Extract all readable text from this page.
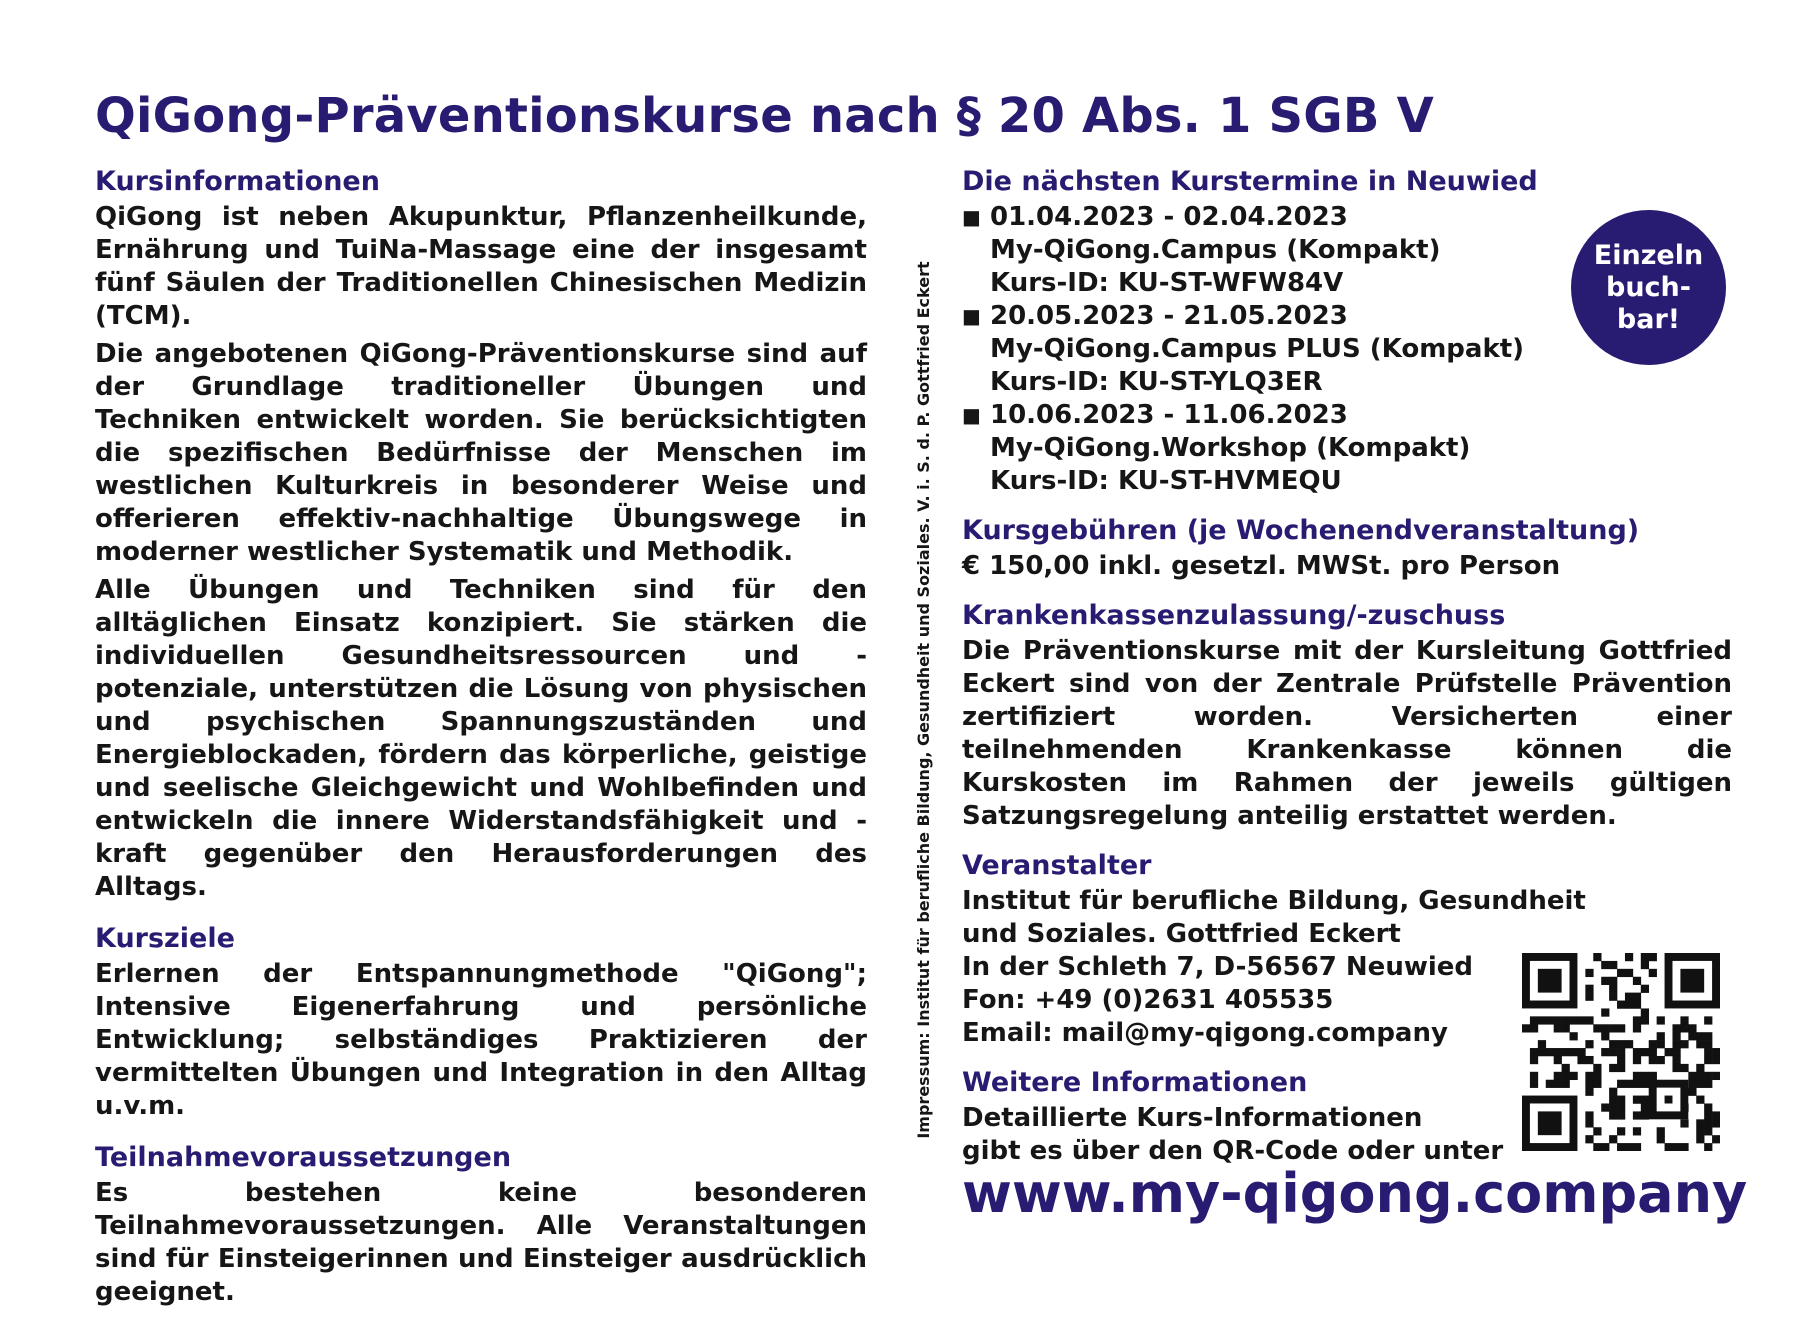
QiGong-Präventionskurse nach § 20 Abs. 1 SGB V
Kursinformationen

QiGong ist neben Akupunktur, Pflanzenheilkunde, Ernährung und TuiNa-Massage eine der insgesamt fünf Säulen der Traditionellen Chinesischen Medizin (TCM).

Die angebotenen QiGong-Präventionskurse sind auf der Grundlage traditioneller Übungen und Techniken entwickelt worden. Sie berücksichtigten die spezifischen Bedürfnisse der Menschen im westlichen Kulturkreis in besonderer Weise und offerieren effektiv-nachhaltige Übungswege in moderner westlicher Systematik und Methodik.

Alle Übungen und Techniken sind für den alltäglichen Einsatz konzipiert. Sie stärken die individuellen Gesundheitsressourcen und -potenziale, unterstützen die Lösung von physischen und psychischen Spannungszuständen und Energieblockaden, fördern das körperliche, geistige und seelische Gleichgewicht und Wohlbefinden und entwickeln die innere Widerstandsfähigkeit und -kraft gegenüber den Herausforderungen des Alltags.

Kursziele

Erlernen der Entspannungmethode "QiGong"; Intensive Eigenerfahrung und persönliche Entwicklung; selbständiges Praktizieren der vermittelten Übungen und Integration in den Alltag u.v.m.

Teilnahmevoraussetzungen

Es bestehen keine besonderen Teilnahmevoraussetzungen. Alle Veranstaltungen sind für Einsteigerinnen und Einsteiger ausdrücklich geeignet.

Impressum: Institut für berufliche Bildung, Gesundheit und Soziales. V. i. S. d. P. Gottfried Eckert
Die nächsten Kurstermine in Neuwied
■ 01.04.2023 - 02.04.2023
My-QiGong.Campus (Kompakt)
Kurs-ID: KU-ST-WFW84V
■ 20.05.2023 - 21.05.2023
My-QiGong.Campus PLUS (Kompakt)
Kurs-ID: KU-ST-YLQ3ER
■ 10.06.2023 - 11.06.2023
My-QiGong.Workshop (Kompakt)
Kurs-ID: KU-ST-HVMEQU
Kursgebühren (je Wochenendveranstaltung)
€ 150,00 inkl. gesetzl. MWSt. pro Person
Krankenkassenzulassung/-zuschuss

Die Präventionskurse mit der Kursleitung Gottfried Eckert sind von der Zentrale Prüfstelle Prävention zertifiziert worden. Versicherten einer teilnehmenden Krankenkasse können die Kurskosten im Rahmen der jeweils gültigen Satzungsregelung anteilig erstattet werden.

Veranstalter
Institut für berufliche Bildung, Gesundheit
und Soziales. Gottfried Eckert
In der Schleth 7, D-56567 Neuwied
Fon: +49 (0)2631 405535
Email: mail@my-qigong.company
Weitere Informationen
Detaillierte Kurs-Informationen
gibt es über den QR-Code oder unter
Einzeln
buch-
bar!
www.my-qigong.company
